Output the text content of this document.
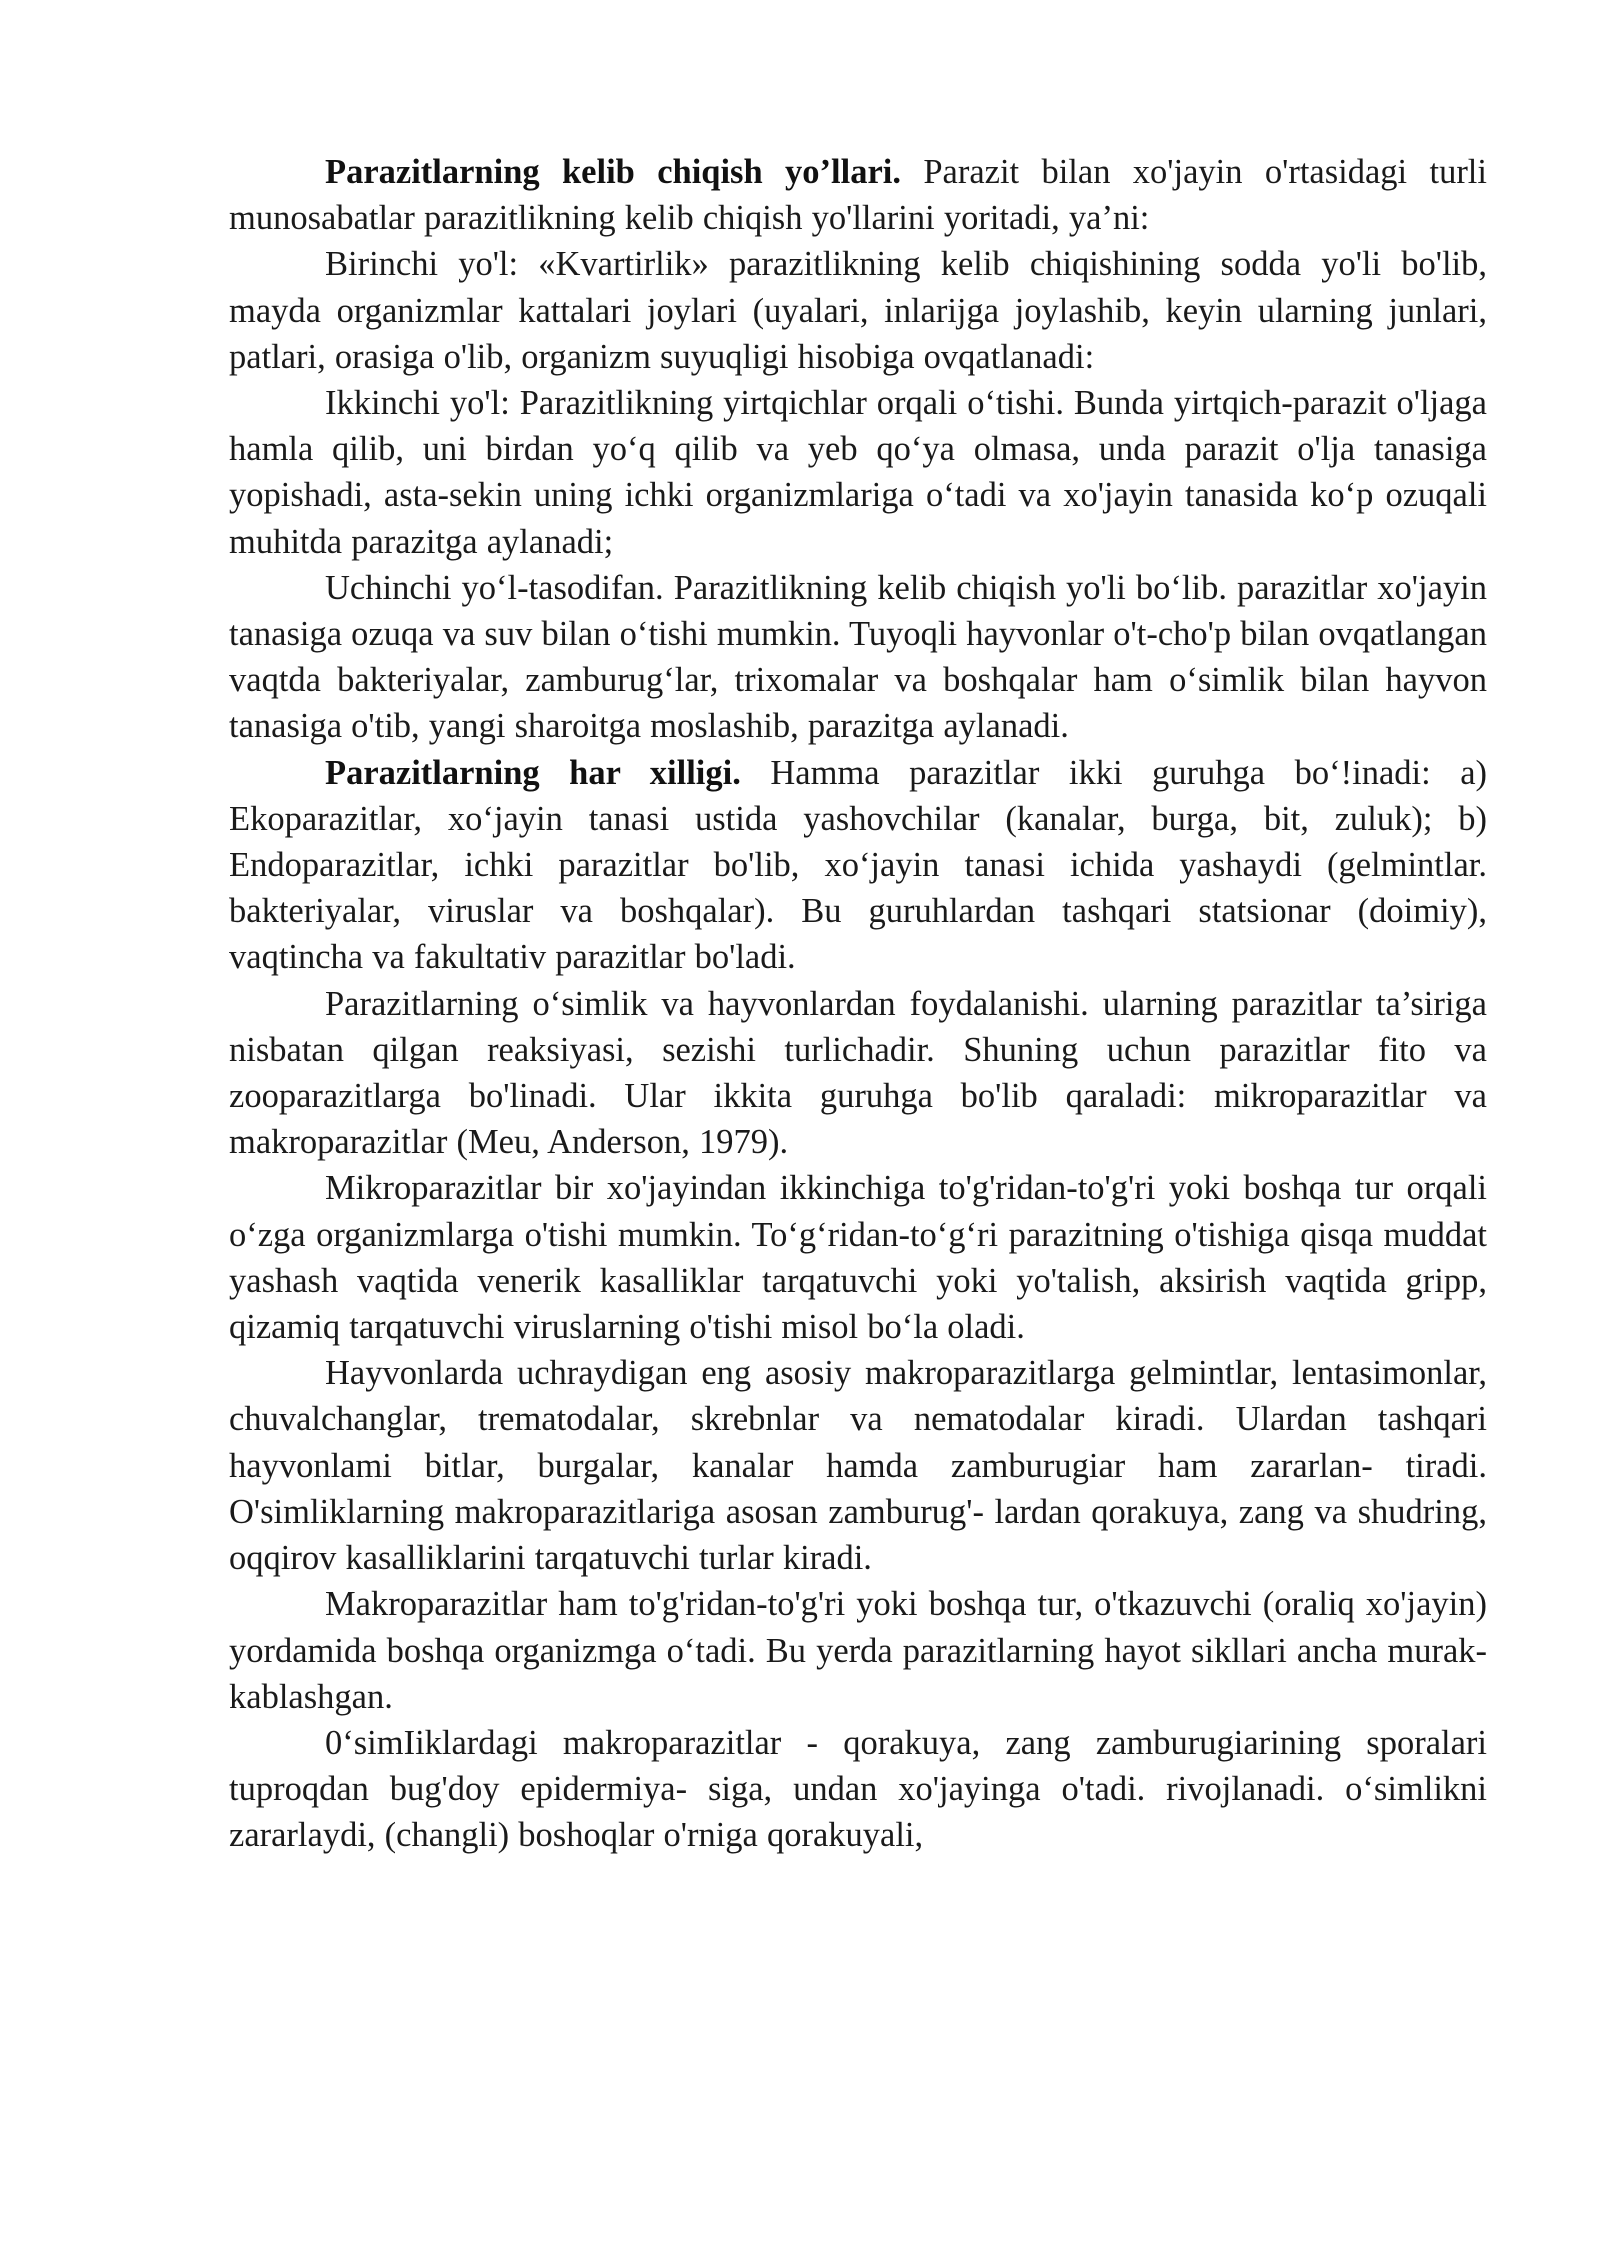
Parazitlarning kelib chiqish yo’llari. Parazit bilan xo'jayin o'rtasidagi turli munosabatlar parazitlikning kelib chiqish yo'llarini yoritadi, ya’ni:

Birinchi yo'l: «Kvartirlik» parazitlikning kelib chiqishining sodda yo'li bo'lib, mayda organizmlar kattalari joylari (uyalari, inlarijga joylashib, keyin ularning junlari, patlari, orasiga o'lib, organizm suyuqligi hisobiga ovqatlanadi:

Ikkinchi yo'l: Parazitlikning yirtqichlar orqali o‘tishi. Bunda yirtqich-parazit o'ljaga hamla qilib, uni birdan yo‘q qilib va yeb qo‘ya olmasa, unda parazit o'lja tanasiga yopishadi, asta-sekin uning ichki organizmlariga o‘tadi va xo'jayin tanasida ko‘p ozuqali muhitda parazitga aylanadi;

Uchinchi yo‘l-tasodifan. Parazitlikning kelib chiqish yo'li bo‘lib. parazitlar xo'jayin tanasiga ozuqa va suv bilan o‘tishi mumkin. Tuyoqli hayvonlar o't-cho'p bilan ovqatlangan vaqtda bakteriyalar, zamburug‘lar, trixomalar va boshqalar ham o‘simlik bilan hayvon tanasiga o'tib, yangi sharoitga moslashib, parazitga aylanadi.

Parazitlarning har xilligi. Hamma parazitlar ikki guruhga bo‘!inadi: a) Ekoparazitlar, xo‘jayin tanasi ustida yashovchilar (kanalar, burga, bit, zuluk); b) Endoparazitlar, ichki parazitlar bo'lib, xo‘jayin tanasi ichida yashaydi (gelmintlar. bakteriyalar, viruslar va boshqalar). Bu guruhlardan tashqari statsionar (doimiy), vaqtincha va fakultativ parazitlar bo'ladi.

Parazitlarning o‘simlik va hayvonlardan foydalanishi. ularning parazitlar ta’siriga nisbatan qilgan reaksiyasi, sezishi turlichadir. Shuning uchun parazitlar fito va zooparazitlarga bo'linadi. Ular ikkita guruhga bo'lib qaraladi: mikroparazitlar va makroparazitlar (Meu, Anderson, 1979).

Mikroparazitlar bir xo'jayindan ikkinchiga to'g'ridan-to'g'ri yoki boshqa tur orqali o‘zga organizmlarga o'tishi mumkin. To‘g‘ridan-to‘g‘ri parazitning o'tishiga qisqa muddat yashash vaqtida venerik kasalliklar tarqatuvchi yoki yo'talish, aksirish vaqtida gripp, qizamiq tarqatuvchi viruslarning o'tishi misol bo‘la oladi.

Hayvonlarda uchraydigan eng asosiy makroparazitlarga gelmintlar, lentasimonlar, chuvalchanglar, trematodalar, skrebnlar va nematodalar kiradi. Ulardan tashqari hayvonlami bitlar, burgalar, kanalar hamda zamburugiar ham zararlan- tiradi. O'simliklarning makroparazitlariga asosan zamburug'- lardan qorakuya, zang va shudring, oqqirov kasalliklarini tarqatuvchi turlar kiradi.

Makroparazitlar ham to'g'ridan-to'g'ri yoki boshqa tur, o'tkazuvchi (oraliq xo'jayin) yordamida boshqa organizmga o‘tadi. Bu yerda parazitlarning hayot sikllari ancha murak- kablashgan.

0‘simIiklardagi makroparazitlar - qorakuya, zang zamburugiarining sporalari tuproqdan bug'doy epidermiya- siga, undan xo'jayinga o'tadi. rivojlanadi. o‘simlikni zararlaydi, (changli) boshoqlar o'rniga qorakuyali,
